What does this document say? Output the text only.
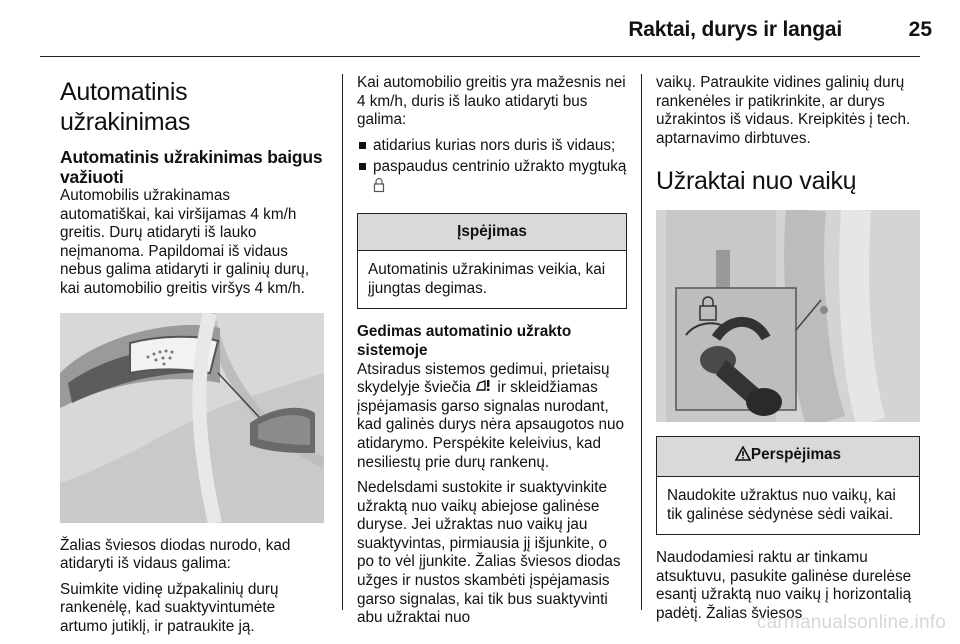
Raktai, durys ir langai	25
Automatinis užrakinimas
Automatinis užrakinimas baigus važiuoti

Automobilis užrakinamas automatiškai, kai viršijamas 4 km/h greitis. Durų atidaryti iš lauko neįmanoma. Papildomai iš vidaus nebus galima atidaryti ir galinių durų, kai automobilio greitis viršys 4 km/h.

Žalias šviesos diodas nurodo, kad atidaryti iš vidaus galima:

Suimkite vidinę užpakalinių durų rankenėlę, kad suaktyvintumėte artumo jutiklį, ir patraukite ją.

Kai automobilio greitis yra mažesnis nei 4 km/h, duris iš lauko atidaryti bus galima:

atidarius kurias nors duris iš vidaus;
paspaudus centrinio užrakto mygtuką
Įspėjimas
Automatinis užrakinimas veikia, kai įjungtas degimas.
Gedimas automatinio užrakto sistemoje

Atsiradus sistemos gedimui, prietaisų skydelyje šviečia ir skleidžiamas įspėjamasis garso signalas nurodant, kad galinės durys nėra apsaugotos nuo atidarymo. Perspėkite keleivius, kad nesiliestų prie durų rankenų.

Nedelsdami sustokite ir suaktyvinkite užraktą nuo vaikų abiejose galinėse duryse. Jei užraktas nuo vaikų jau suaktyvintas, pirmiausia jį išjunkite, o po to vėl įjunkite. Žalias šviesos diodas užges ir nustos skambėti įspėjamasis garso signalas, kai tik bus suaktyvinti abu užraktai nuo

vaikų. Patraukite vidines galinių durų rankenėles ir patikrinkite, ar durys užrakintos iš vidaus. Kreipkitės į tech. aptarnavimo dirbtuves.

Užraktai nuo vaikų
Perspėjimas
Naudokite užraktus nuo vaikų, kai tik galinėse sėdynėse sėdi vaikai.

Naudodamiesi raktu ar tinkamu atsuktuvu, pasukite galinėse durelėse esantį užraktą nuo vaikų į horizontalią padėtį. Žalias šviesos

carmanualsonline.info
